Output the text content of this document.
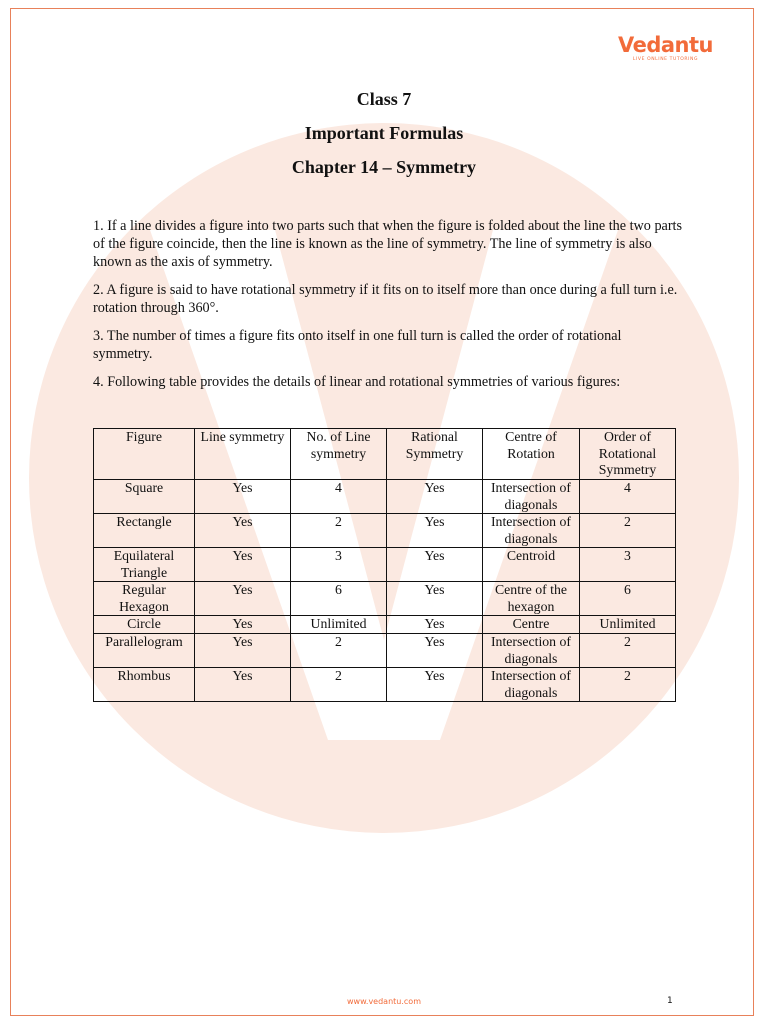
Vedantu
LIVE ONLINE TUTORING
Class 7
Important Formulas
Chapter 14 – Symmetry
1. If a line divides a figure into two parts such that when the figure is folded about the line the two parts of the figure coincide, then the line is known as the line of symmetry. The line of symmetry is also known as the axis of symmetry.
2. A figure is said to have rotational symmetry if it fits on to itself more than once during a full turn i.e. rotation through 360°.
3. The number of times a figure fits onto itself in one full turn is called the order of rotational symmetry.
4. Following table provides the details of linear and rotational symmetries of various figures:
Figure	Line symmetry	No. of Line symmetry	Rational Symmetry	Centre of Rotation	Order of Rotational Symmetry
Square	Yes	4	Yes	Intersection of diagonals	4
Rectangle	Yes	2	Yes	Intersection of diagonals	2
Equilateral Triangle	Yes	3	Yes	Centroid	3
Regular Hexagon	Yes	6	Yes	Centre of the hexagon	6
Circle	Yes	Unlimited	Yes	Centre	Unlimited
Parallelogram	Yes	2	Yes	Intersection of diagonals	2
Rhombus	Yes	2	Yes	Intersection of diagonals	2
www.vedantu.com	1
